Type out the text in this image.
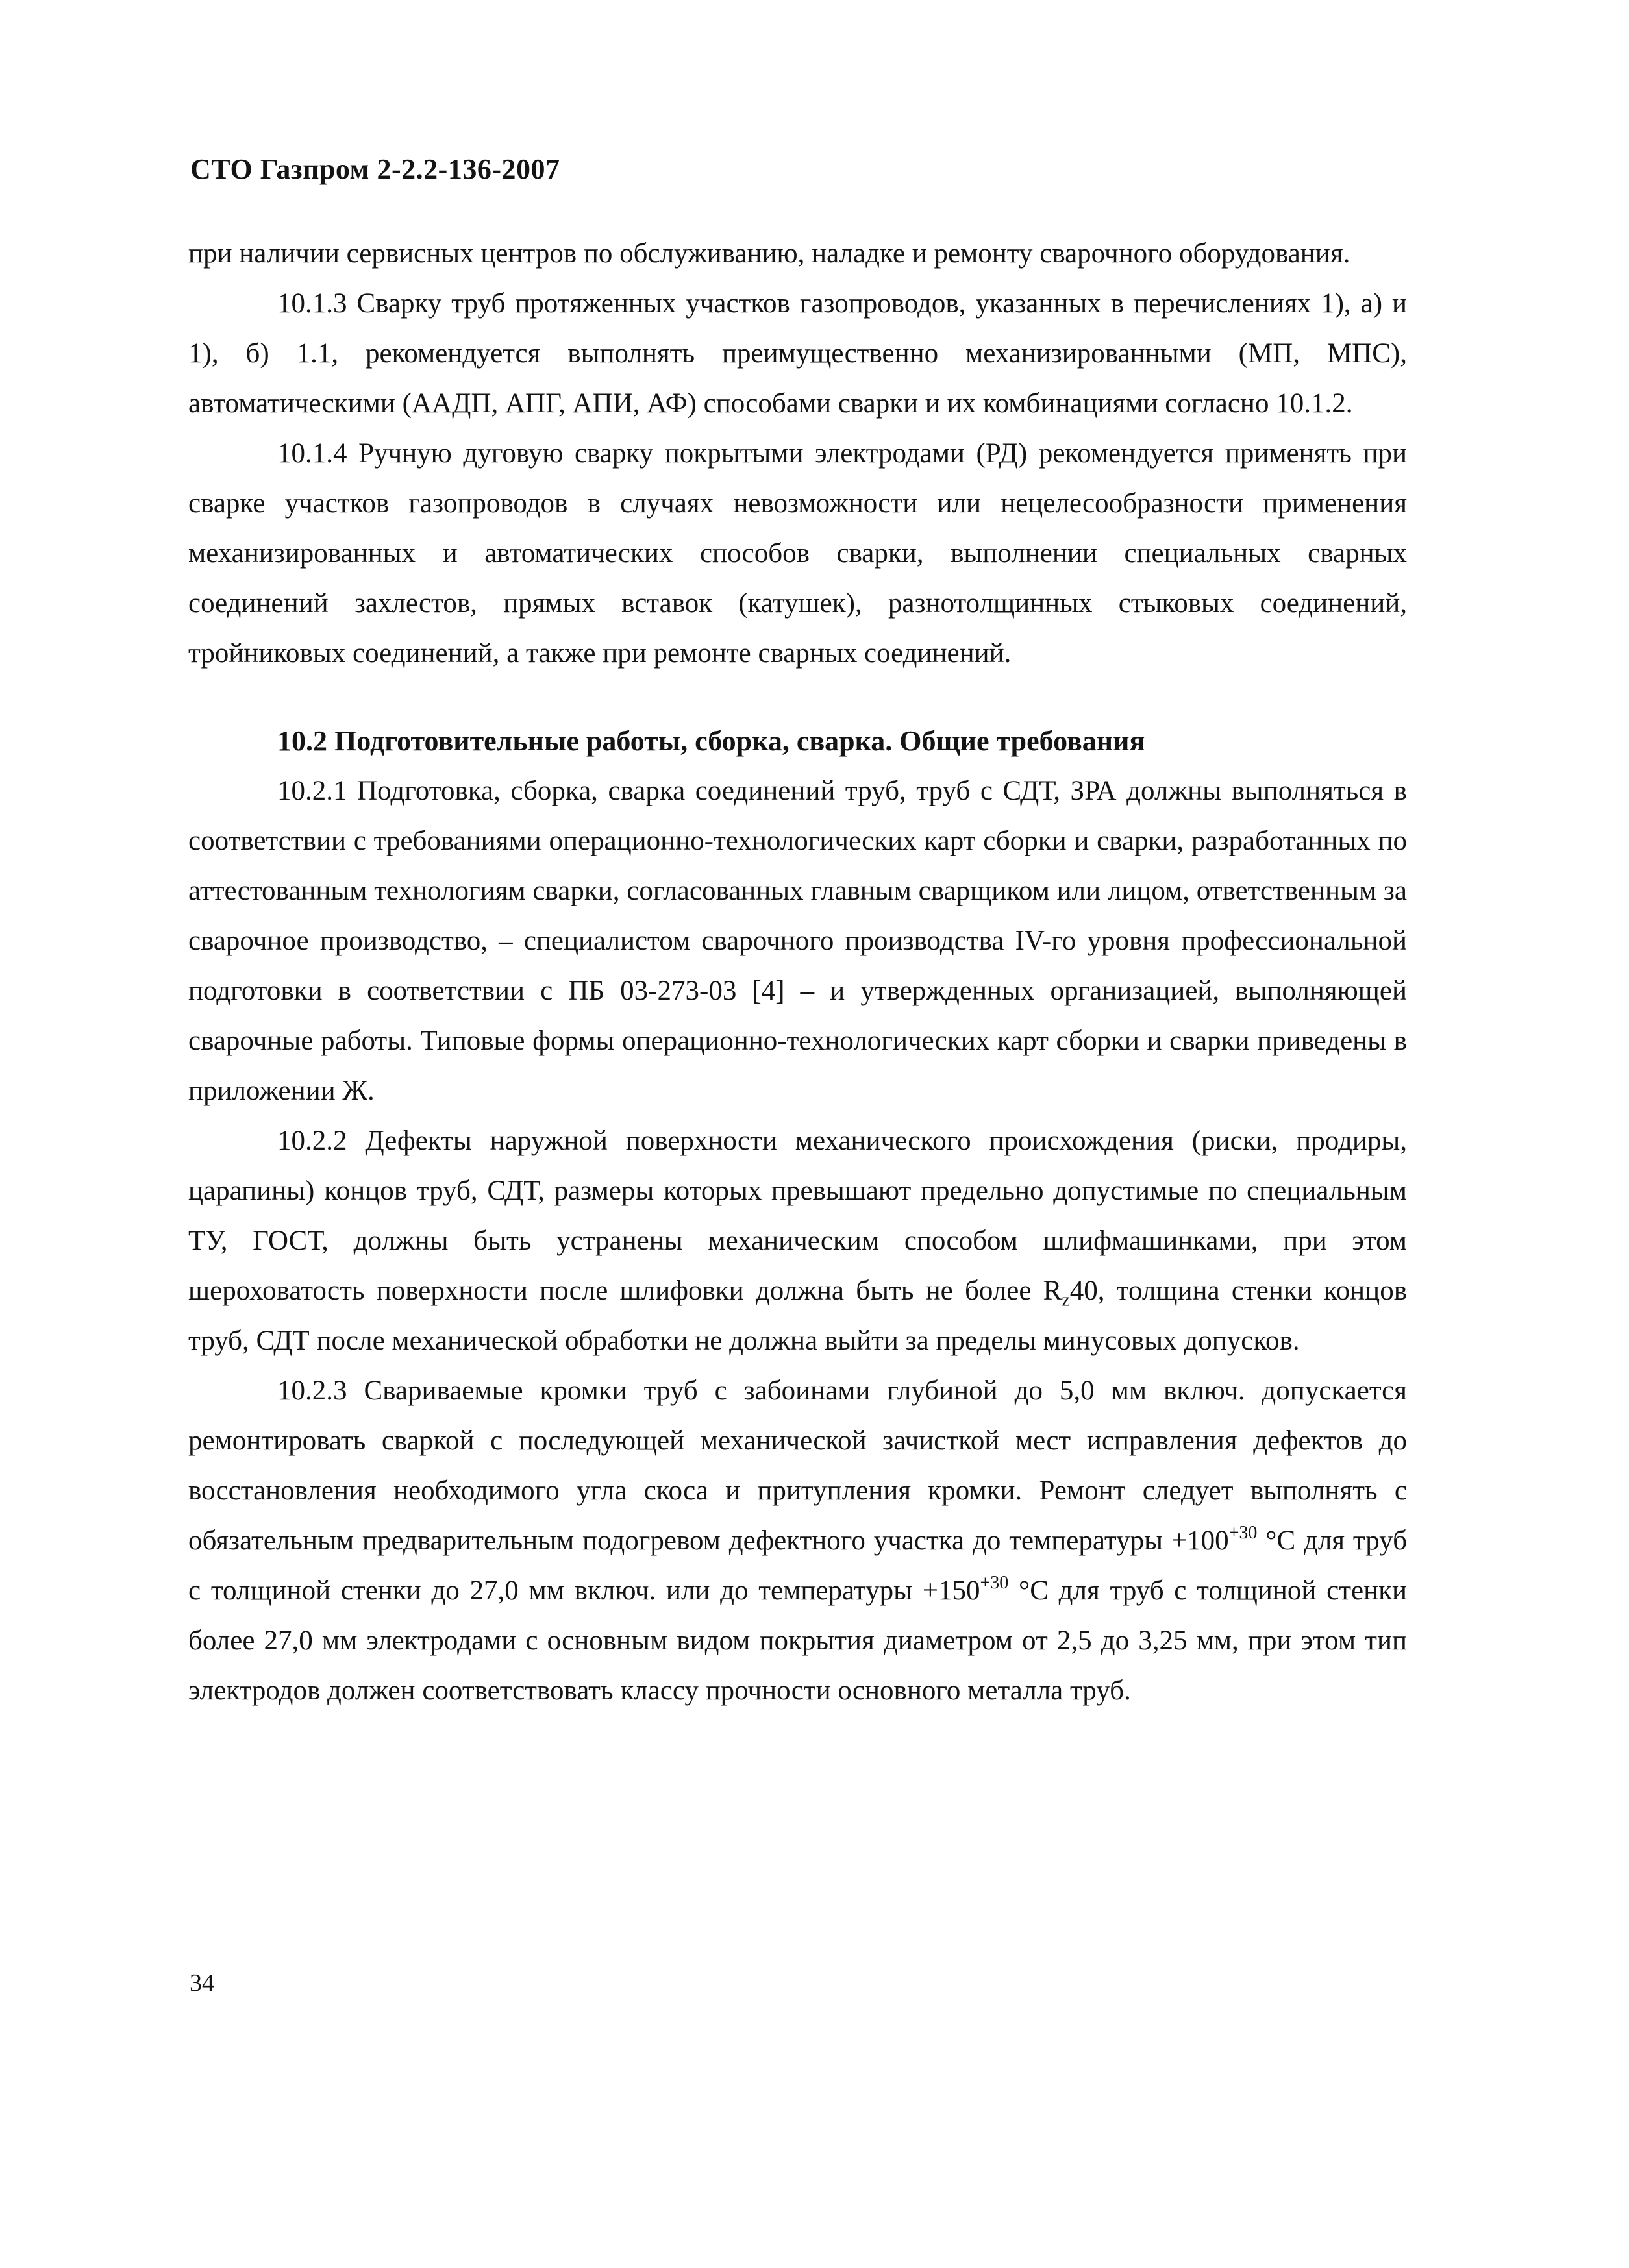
СТО Газпром 2-2.2-136-2007

при наличии сервисных центров по обслуживанию, наладке и ремонту сварочного оборудования.

10.1.3 Сварку труб протяженных участков газопроводов, указанных в перечислениях 1), а) и 1), б) 1.1, рекомендуется выполнять преимущественно механизированными (МП, МПС), автоматическими (ААДП, АПГ, АПИ, АФ) способами сварки и их комбинациями согласно 10.1.2.

10.1.4 Ручную дуговую сварку покрытыми электродами (РД) рекомендуется применять при сварке участков газопроводов в случаях невозможности или нецелесообразности применения механизированных и автоматических способов сварки, выполнении специальных сварных соединений захлестов, прямых вставок (катушек), разнотолщинных стыковых соединений, тройниковых соединений, а также при ремонте сварных соединений.

10.2 Подготовительные работы, сборка, сварка. Общие требования

10.2.1 Подготовка, сборка, сварка соединений труб, труб с СДТ, ЗРА должны выполняться в соответствии с требованиями операционно-технологических карт сборки и сварки, разработанных по аттестованным технологиям сварки, согласованных главным сварщиком или лицом, ответственным за сварочное производство, – специалистом сварочного производства IV-го уровня профессиональной подготовки в соответствии с ПБ 03-273-03 [4] – и утвержденных организацией, выполняющей сварочные работы. Типовые формы операционно-технологических карт сборки и сварки приведены в приложении Ж.

10.2.2 Дефекты наружной поверхности механического происхождения (риски, продиры, царапины) концов труб, СДТ, размеры которых превышают предельно допустимые по специальным ТУ, ГОСТ, должны быть устранены механическим способом шлифмашинками, при этом шероховатость поверхности после шлифовки должна быть не более $R_z40$, толщина стенки концов труб, СДТ после механической обработки не должна выйти за пределы минусовых допусков.

10.2.3 Свариваемые кромки труб с забоинами глубиной до 5,0 мм включ. допускается ремонтировать сваркой с последующей механической зачисткой мест исправления дефектов до восстановления необходимого угла скоса и притупления кромки. Ремонт следует выполнять с обязательным предварительным подогревом дефектного участка до температуры $+100^{+30}$ °С для труб с толщиной стенки до 27,0 мм включ. или до температуры $+150^{+30}$ °С для труб с толщиной стенки более 27,0 мм электродами с основным видом покрытия диаметром от 2,5 до 3,25 мм, при этом тип электродов должен соответствовать классу прочности основного металла труб.

34
